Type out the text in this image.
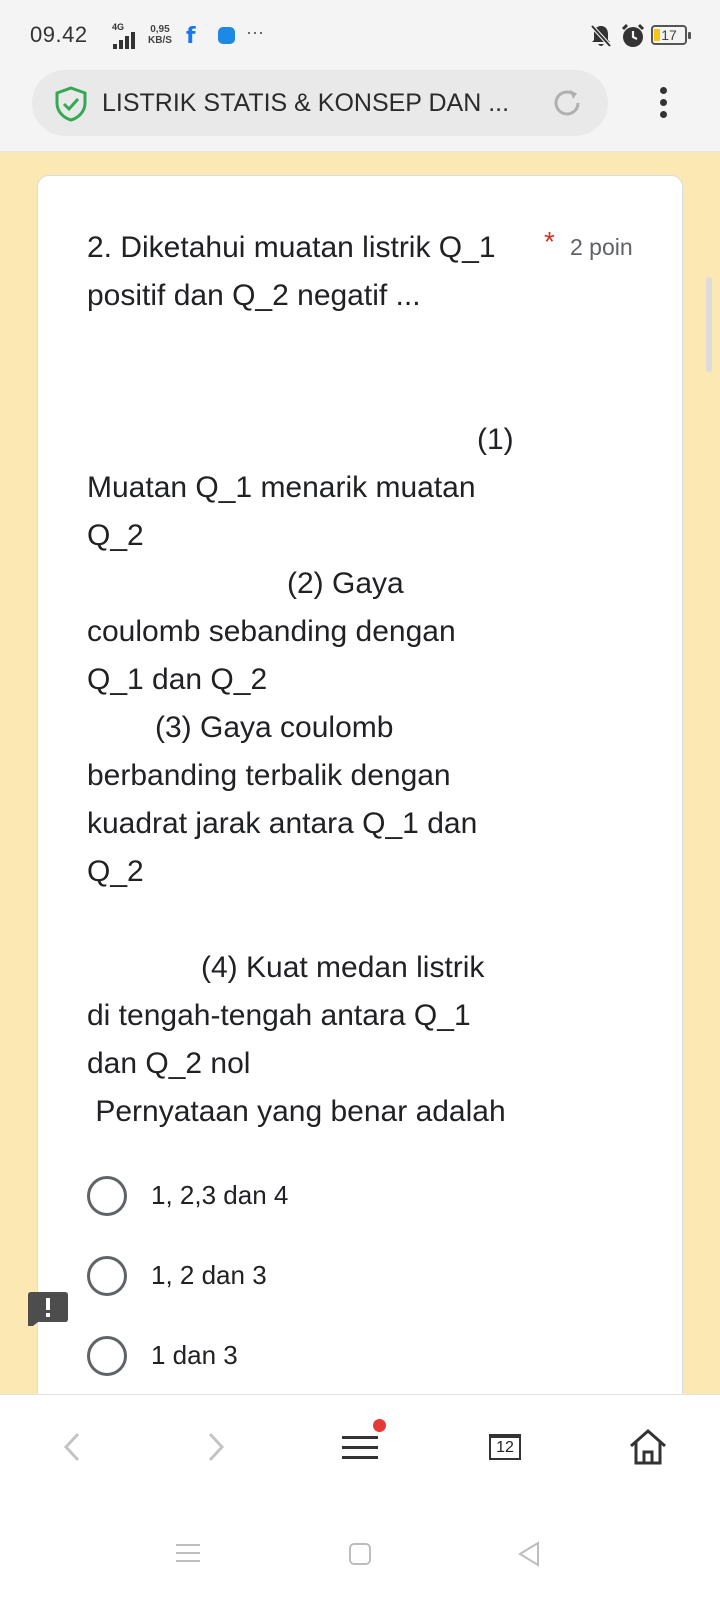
09.42	4G	0,95
KB/S f	···	17
LISTRIK STATIS & KONSEP DAN ...
2. Diketahui muatan listrik Q_1 positif dan Q_2 negatif ...
* 2 poin
(1)
Muatan Q_1 menarik muatan
Q_2
(2) Gaya
coulomb sebanding dengan
Q_1 dan Q_2
(3) Gaya coulomb
berbanding terbalik dengan
kuadrat jarak antara Q_1 dan
Q_2
(4) Kuat medan listrik
di tengah-tengah antara Q_1
dan Q_2 nol
Pernyataan yang benar adalah
1, 2,3 dan 4
1, 2 dan 3
1 dan 3
12
